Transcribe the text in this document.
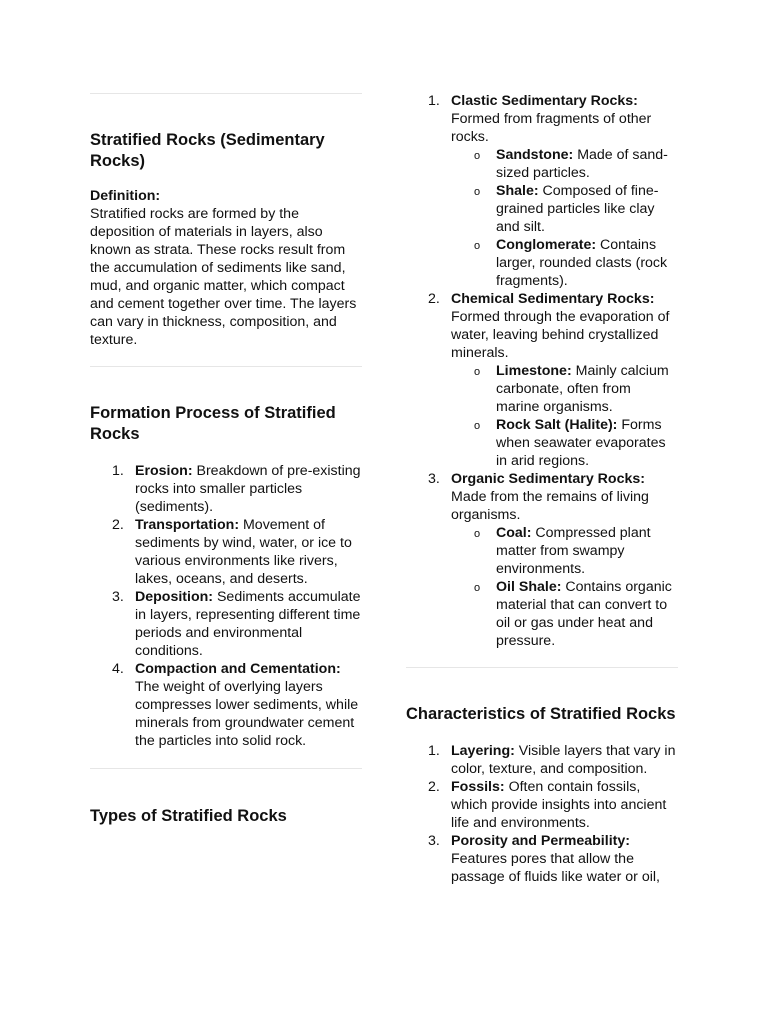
Stratified Rocks (Sedimentary Rocks)

Definition:

Stratified rocks are formed by the deposition of materials in layers, also known as strata. These rocks result from the accumulation of sediments like sand, mud, and organic matter, which compact and cement together over time. The layers can vary in thickness, composition, and texture.

Formation Process of Stratified Rocks
1. Erosion: Breakdown of pre-existing rocks into smaller particles (sediments).
2. Transportation: Movement of sediments by wind, water, or ice to various environments like rivers, lakes, oceans, and deserts.
3. Deposition: Sediments accumulate in layers, representing different time periods and environmental conditions.
4. Compaction and Cementation: The weight of overlying layers compresses lower sediments, while minerals from groundwater cement the particles into solid rock.
Types of Stratified Rocks
1. Clastic Sedimentary Rocks: Formed from fragments of other rocks.
o Sandstone: Made of sand-sized particles.
o Shale: Composed of fine-grained particles like clay and silt.
o Conglomerate: Contains larger, rounded clasts (rock fragments).
2. Chemical Sedimentary Rocks: Formed through the evaporation of water, leaving behind crystallized minerals.
o Limestone: Mainly calcium carbonate, often from marine organisms.
o Rock Salt (Halite): Forms when seawater evaporates in arid regions.
3. Organic Sedimentary Rocks: Made from the remains of living organisms.
o Coal: Compressed plant matter from swampy environments.
o Oil Shale: Contains organic material that can convert to oil or gas under heat and pressure.
Characteristics of Stratified Rocks
1. Layering: Visible layers that vary in color, texture, and composition.
2. Fossils: Often contain fossils, which provide insights into ancient life and environments.
3. Porosity and Permeability: Features pores that allow the passage of fluids like water or oil,
